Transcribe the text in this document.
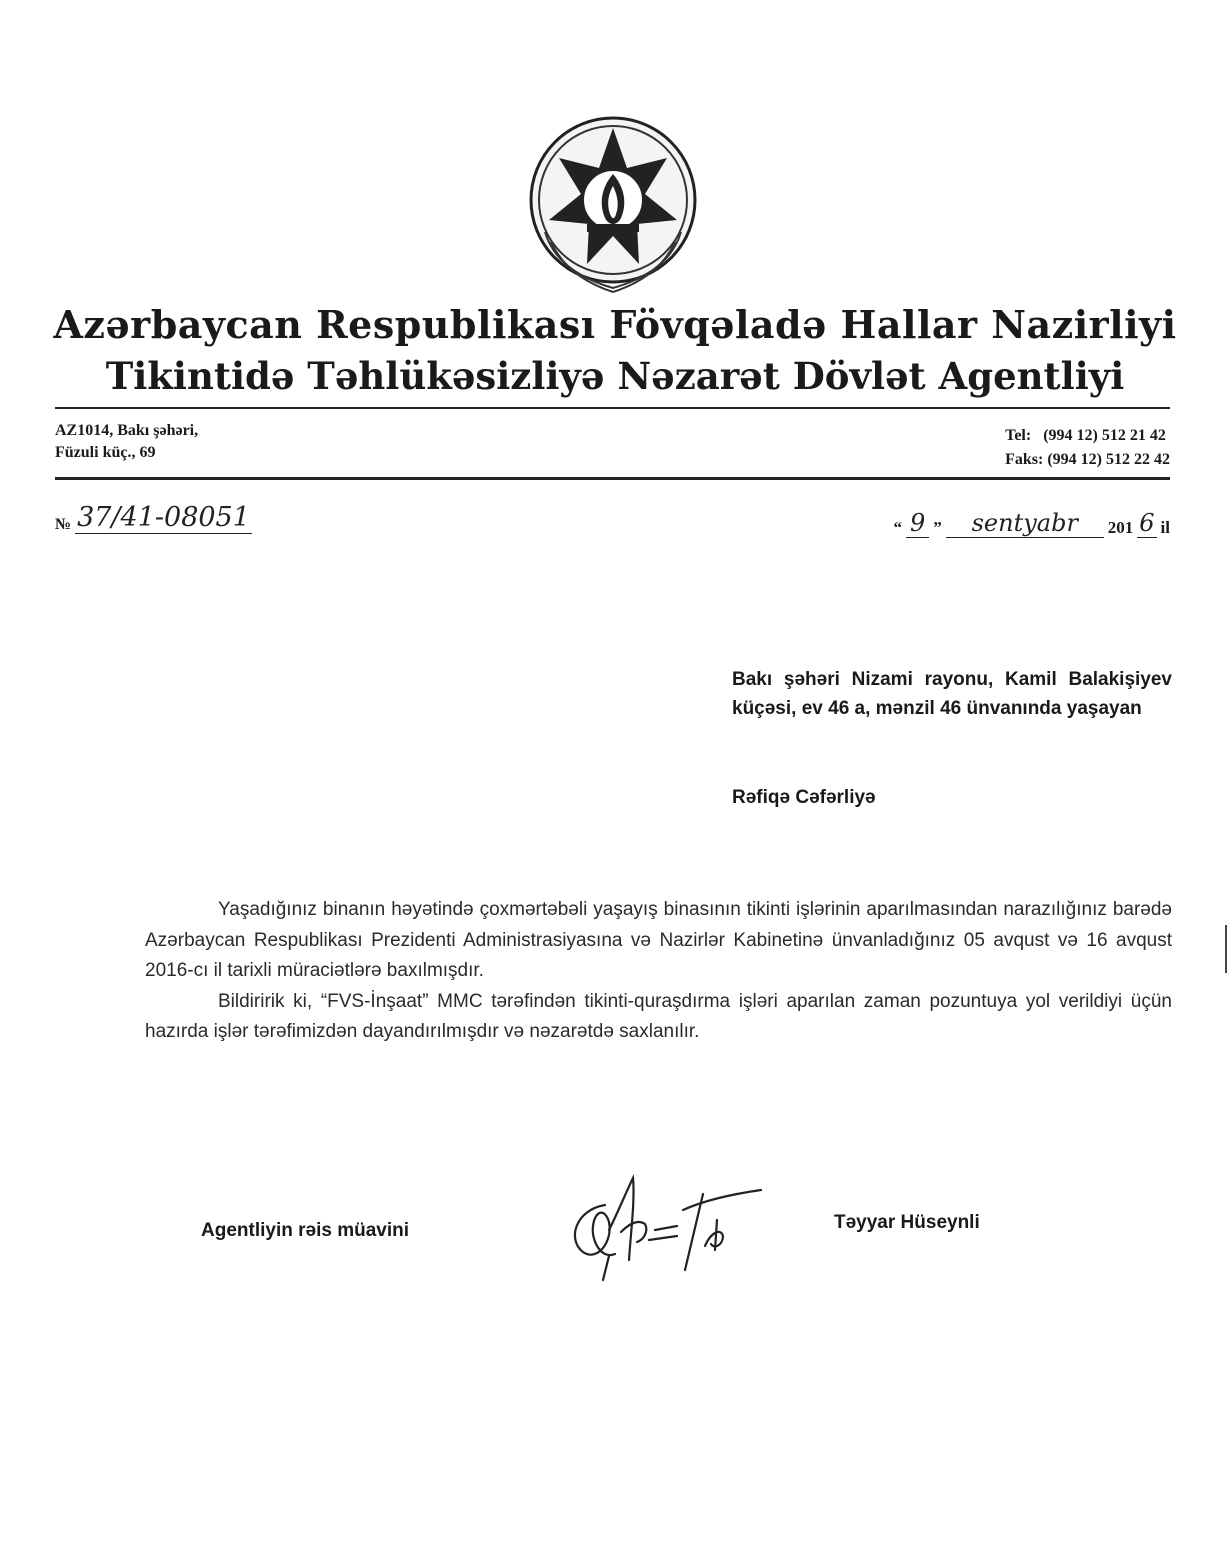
Azərbaycan Respublikası Fövqəladə Hallar Nazirliyi
Tikintidə Təhlükəsizliyə Nəzarət Dövlət Agentliyi
AZ1014, Bakı şəhəri,
Füzuli küç., 69
Tel:   (994 12) 512 21 42
Faks: (994 12) 512 22 42
№ 37/41-08051	“ 9 ”	sentyabr	201 6 il
Bakı şəhəri Nizami rayonu, Kamil Balakişiyev küçəsi, ev 46 a, mənzil 46 ünvanında yaşayan
Rəfiqə Cəfərliyə

Yaşadığınız binanın həyətində çoxmərtəbəli yaşayış binasının tikinti işlərinin aparılmasından narazılığınız barədə Azərbaycan Respublikası Prezidenti Administrasiyasına və Nazirlər Kabinetinə ünvanladığınız 05 avqust və 16 avqust 2016-cı il tarixli müraciətlərə baxılmışdır.

Bildiririk ki, “FVS-İnşaat” MMC tərəfindən tikinti-quraşdırma işləri aparılan zaman pozuntuya yol verildiyi üçün hazırda işlər tərəfimizdən dayandırılmışdır və nəzarətdə saxlanılır.

Agentliyin rəis müavini	Təyyar Hüseynli
